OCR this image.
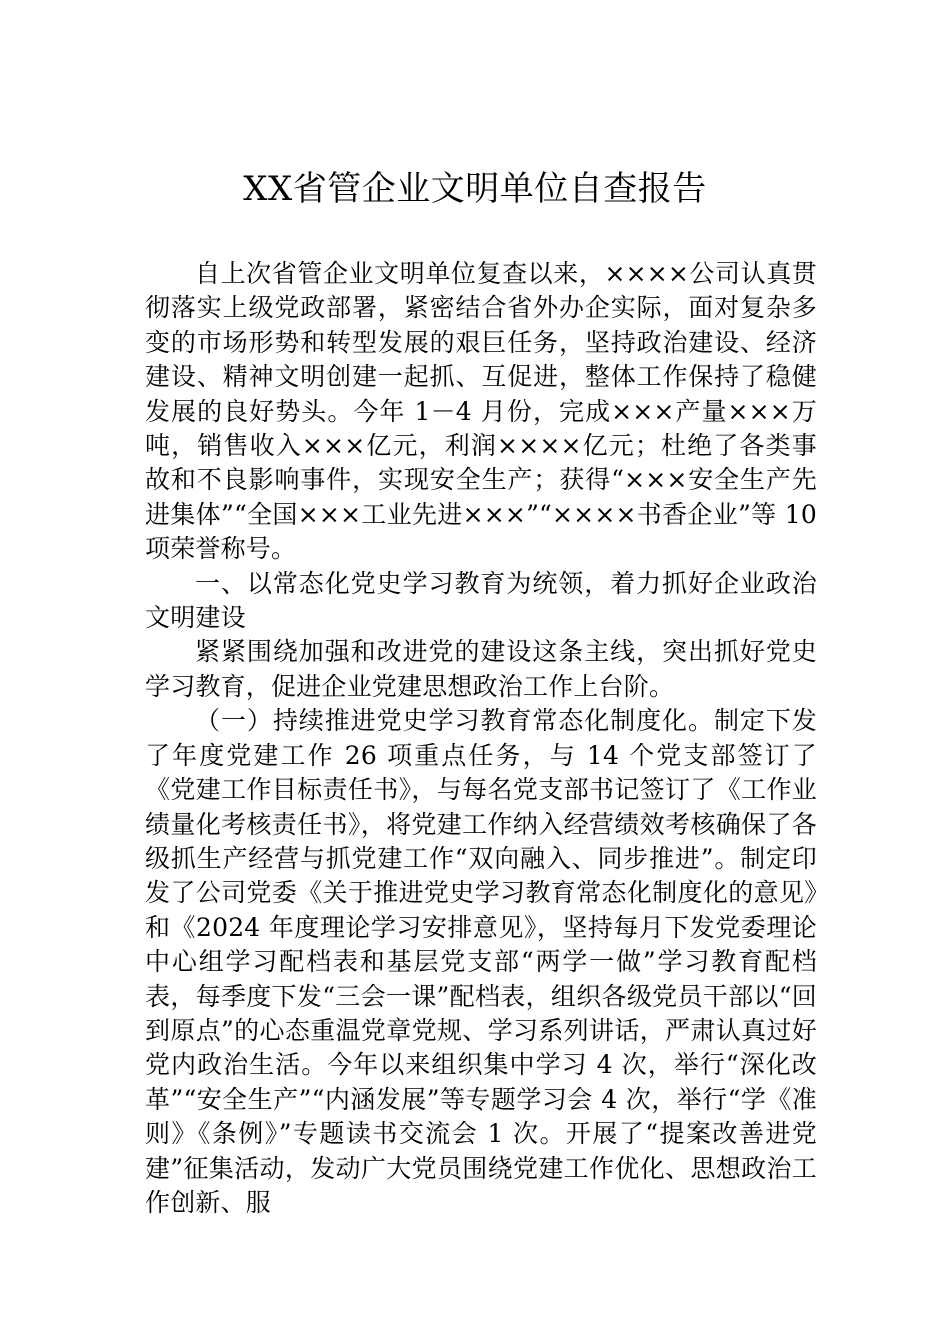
XX省管企业文明单位自查报告

自上次省管企业文明单位复查以来，××××公司认真贯彻落实上级党政部署，紧密结合省外办企实际，面对复杂多变的市场形势和转型发展的艰巨任务，坚持政治建设、经济建设、精神文明创建一起抓、互促进，整体工作保持了稳健发展的良好势头。今年 1－4 月份，完成×××产量×××万吨，销售收入×××亿元，利润××××亿元；杜绝了各类事故和不良影响事件，实现安全生产；获得“×××安全生产先进集体”“全国×××工业先进×××”“××××书香企业”等 10 项荣誉称号。

一、以常态化党史学习教育为统领，着力抓好企业政治文明建设

紧紧围绕加强和改进党的建设这条主线，突出抓好党史学习教育，促进企业党建思想政治工作上台阶。

（一）持续推进党史学习教育常态化制度化。制定下发了年度党建工作 26 项重点任务，与 14 个党支部签订了《党建工作目标责任书》，与每名党支部书记签订了《工作业绩量化考核责任书》，将党建工作纳入经营绩效考核确保了各级抓生产经营与抓党建工作“双向融入、同步推进”。制定印发了公司党委《关于推进党史学习教育常态化制度化的意见》和《2024 年度理论学习安排意见》，坚持每月下发党委理论中心组学习配档表和基层党支部“两学一做”学习教育配档表，每季度下发“三会一课”配档表，组织各级党员干部以“回到原点”的心态重温党章党规、学习系列讲话，严肃认真过好党内政治生活。今年以来组织集中学习 4 次，举行“深化改革”“安全生产”“内涵发展”等专题学习会 4 次，举行“学《准则》《条例》”专题读书交流会 1 次。开展了“提案改善进党建”征集活动，发动广大党员围绕党建工作优化、思想政治工作创新、服
